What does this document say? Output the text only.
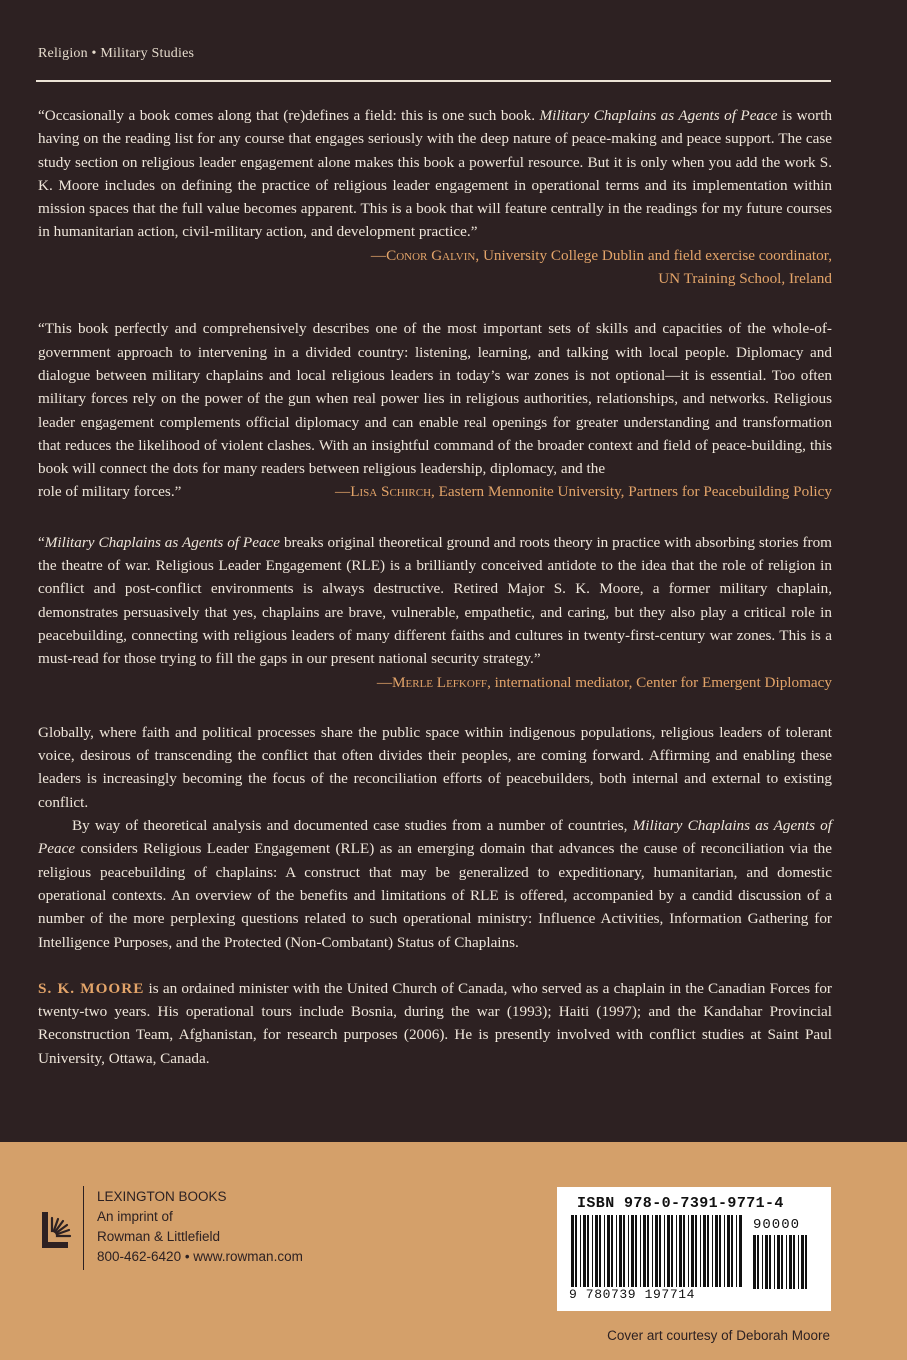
Religion • Military Studies
“Occasionally a book comes along that (re)defines a field: this is one such book. Military Chaplains as Agents of Peace is worth having on the reading list for any course that engages seriously with the deep nature of peace-making and peace support. The case study section on religious leader engagement alone makes this book a powerful resource. But it is only when you add the work S. K. Moore includes on defining the practice of religious leader engagement in operational terms and its implementation within mission spaces that the full value becomes apparent. This is a book that will feature centrally in the readings for my future courses in humanitarian action, civil-military action, and development practice.”
—Conor Galvin, University College Dublin and field exercise coordinator,
UN Training School, Ireland
“This book perfectly and comprehensively describes one of the most important sets of skills and capacities of the whole-of-government approach to intervening in a divided country: listening, learning, and talking with local people. Diplomacy and dialogue between military chaplains and local religious leaders in today’s war zones is not optional—it is essential. Too often military forces rely on the power of the gun when real power lies in religious authorities, relationships, and networks. Religious leader engagement complements official diplomacy and can enable real openings for greater understanding and transformation that reduces the likelihood of violent clashes. With an insightful command of the broader context and field of peace-building, this book will connect the dots for many readers between religious leadership, diplomacy, and the
role of military forces.”	—Lisa Schirch, Eastern Mennonite University, Partners for Peacebuilding Policy
“Military Chaplains as Agents of Peace breaks original theoretical ground and roots theory in practice with absorbing stories from the theatre of war. Religious Leader Engagement (RLE) is a brilliantly conceived antidote to the idea that the role of religion in conflict and post-conflict environments is always destructive. Retired Major S. K. Moore, a former military chaplain, demonstrates persuasively that yes, chaplains are brave, vulnerable, empathetic, and caring, but they also play a critical role in peacebuilding, connecting with religious leaders of many different faiths and cultures in twenty-first-century war zones. This is a must-read for those trying to fill the gaps in our present national security strategy.”
—Merle Lefkoff, international mediator, Center for Emergent Diplomacy

Globally, where faith and political processes share the public space within indigenous populations, religious leaders of tolerant voice, desirous of transcending the conflict that often divides their peoples, are coming forward. Affirming and enabling these leaders is increasingly becoming the focus of the reconciliation efforts of peacebuilders, both internal and external to existing conflict.

By way of theoretical analysis and documented case studies from a number of countries, Military Chaplains as Agents of Peace considers Religious Leader Engagement (RLE) as an emerging domain that advances the cause of reconciliation via the religious peacebuilding of chaplains: A construct that may be generalized to expeditionary, humanitarian, and domestic operational contexts. An overview of the benefits and limitations of RLE is offered, accompanied by a candid discussion of a number of the more perplexing questions related to such operational ministry: Influence Activities, Information Gathering for Intelligence Purposes, and the Protected (Non-Combatant) Status of Chaplains.

S. K. MOORE is an ordained minister with the United Church of Canada, who served as a chaplain in the Canadian Forces for twenty-two years. His operational tours include Bosnia, during the war (1993); Haiti (1997); and the Kandahar Provincial Reconstruction Team, Afghanistan, for research purposes (2006). He is presently involved with conflict studies at Saint Paul University, Ottawa, Canada.

LEXINGTON BOOKS
An imprint of
Rowman & Littlefield
800-462-6420 • www.rowman.com
ISBN 978-0-7391-9771-4
90000
9 780739 197714
Cover art courtesy of Deborah Moore
